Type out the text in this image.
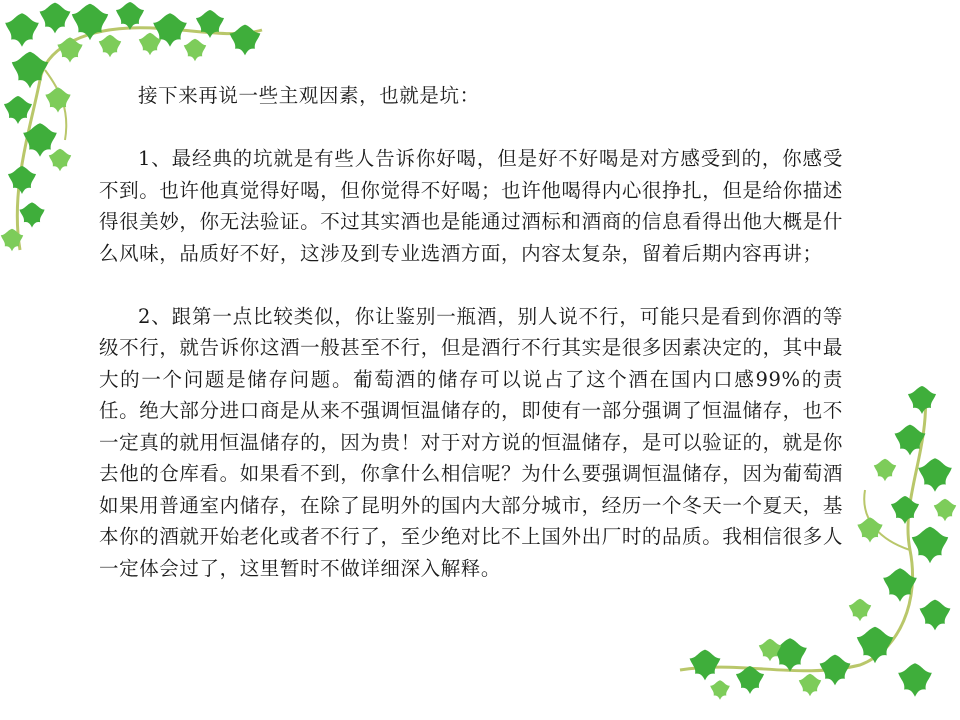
接下来再说一些主观因素，也就是坑：

1、最经典的坑就是有些人告诉你好喝，但是好不好喝是对方感受到的，你感受不到。也许他真觉得好喝，但你觉得不好喝；也许他喝得内心很挣扎，但是给你描述得很美妙，你无法验证。不过其实酒也是能通过酒标和酒商的信息看得出他大概是什么风味，品质好不好，这涉及到专业选酒方面，内容太复杂，留着后期内容再讲；

2、跟第一点比较类似，你让鉴别一瓶酒，别人说不行，可能只是看到你酒的等级不行，就告诉你这酒一般甚至不行，但是酒行不行其实是很多因素决定的，其中最大的一个问题是储存问题。葡萄酒的储存可以说占了这个酒在国内口感99%的责任。绝大部分进口商是从来不强调恒温储存的，即使有一部分强调了恒温储存，也不一定真的就用恒温储存的，因为贵！对于对方说的恒温储存，是可以验证的，就是你去他的仓库看。如果看不到，你拿什么相信呢？为什么要强调恒温储存，因为葡萄酒如果用普通室内储存，在除了昆明外的国内大部分城市，经历一个冬天一个夏天，基本你的酒就开始老化或者不行了，至少绝对比不上国外出厂时的品质。我相信很多人一定体会过了，这里暂时不做详细深入解释。
